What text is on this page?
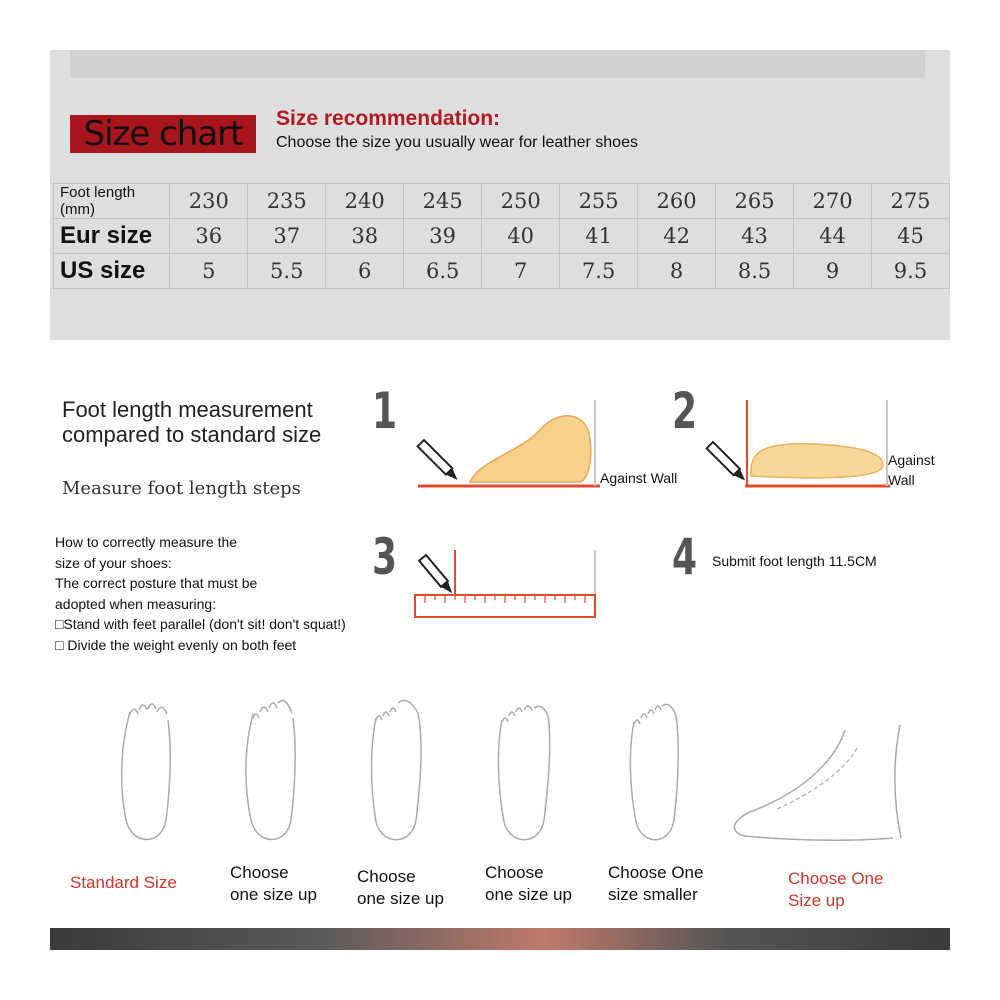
Size chart	Size recommendation:
Choose the size you usually wear for leather shoes
Foot length (mm)	230	235	240	245	250	255	260	265	270	275
Eur size	36	37	38	39	40	41	42	43	44	45
US size	5	5.5	6	6.5	7	7.5	8	8.5	9	9.5
Foot length measurement
compared to standard size
Measure foot length steps
How to correctly measure the
size of your shoes:
The correct posture that must be
adopted when measuring:
□Stand with feet parallel (don't sit! don't squat!)
□ Divide the weight evenly on both feet
1
Against Wall
2
Against
Wall
3	4 Submit foot length 11.5CM
Standard Size
Choose
one size up
Choose
one size up
Choose
one size up
Choose One
size smaller
Choose One
Size up
